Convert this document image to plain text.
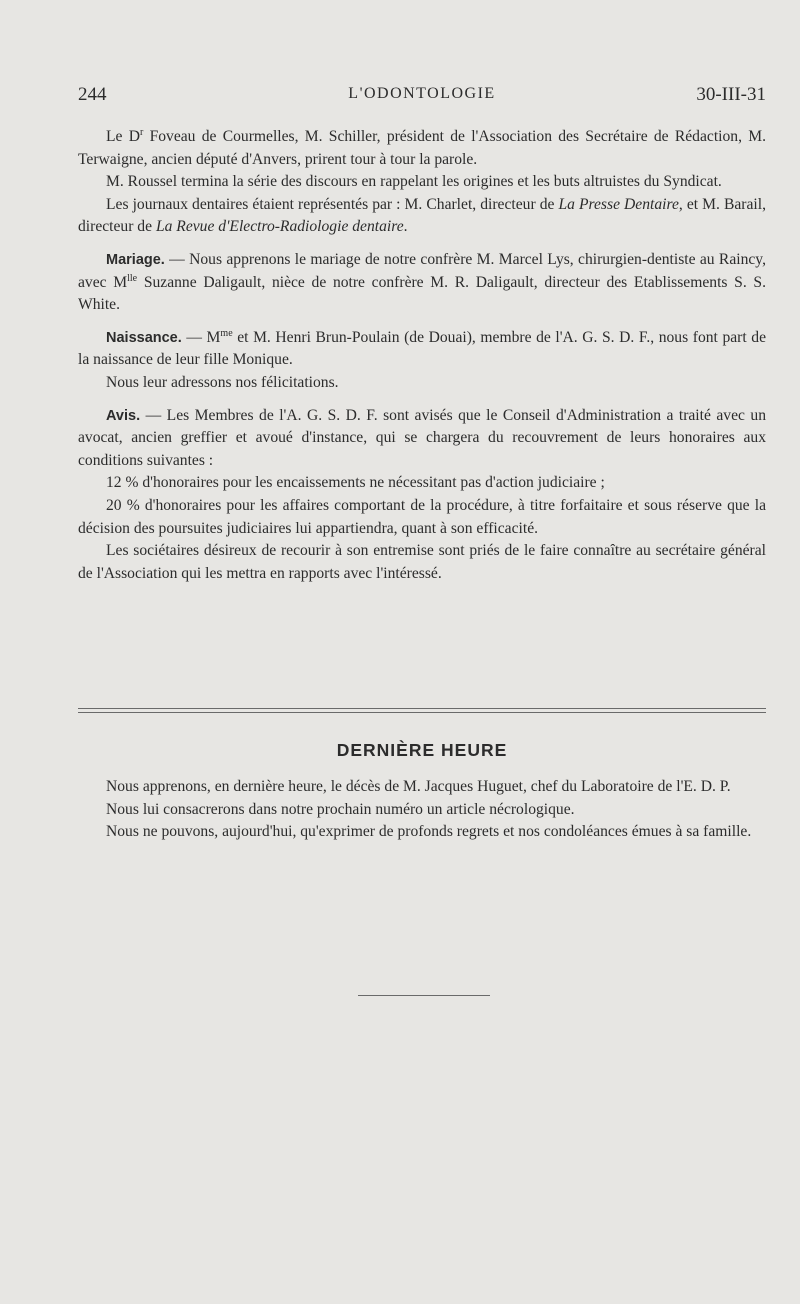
244	L'ODONTOLOGIE	30-III-31

Le $D^r$ Foveau de Courmelles, M. Schiller, président de l'Association des Secrétaire de Rédaction, M. Terwaigne, ancien député d'Anvers, prirent tour à tour la parole.

M. Roussel termina la série des discours en rappelant les origines et les buts altruistes du Syndicat.

Les journaux dentaires étaient représentés par : M. Charlet, directeur de La Presse Dentaire, et M. Barail, directeur de La Revue d'Electro-Radiologie dentaire.

Mariage. — Nous apprenons le mariage de notre confrère M. Marcel Lys, chirurgien-dentiste au Raincy, avec $M^{lle}$ Suzanne Daligault, nièce de notre confrère M. R. Daligault, directeur des Etablissements S. S. White.

Naissance. — $M^{me}$ et M. Henri Brun-Poulain (de Douai), membre de l'A. G. S. D. F., nous font part de la naissance de leur fille Monique.

Nous leur adressons nos félicitations.

Avis. — Les Membres de l'A. G. S. D. F. sont avisés que le Conseil d'Administration a traité avec un avocat, ancien greffier et avoué d'instance, qui se chargera du recouvrement de leurs honoraires aux conditions suivantes :

12 % d'honoraires pour les encaissements ne nécessitant pas d'action judiciaire ;

20 % d'honoraires pour les affaires comportant de la procédure, à titre forfaitaire et sous réserve que la décision des poursuites judiciaires lui appartiendra, quant à son efficacité.

Les sociétaires désireux de recourir à son entremise sont priés de le faire connaître au secrétaire général de l'Association qui les mettra en rapports avec l'intéressé.

DERNIÈRE HEURE

Nous apprenons, en dernière heure, le décès de M. Jacques Huguet, chef du Laboratoire de l'E. D. P.

Nous lui consacrerons dans notre prochain numéro un article nécrologique.

Nous ne pouvons, aujourd'hui, qu'exprimer de profonds regrets et nos condoléances émues à sa famille.
